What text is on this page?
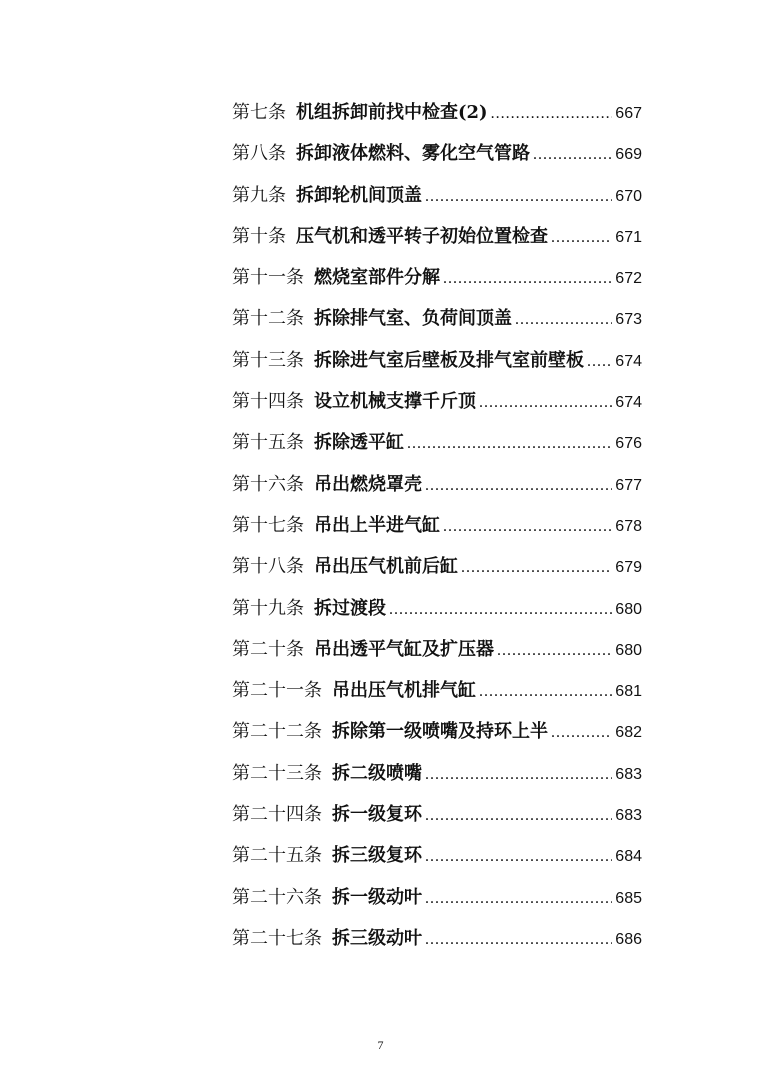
第七条 机组拆卸前找中检查(2) .....	667
第八条 拆卸液体燃料、雾化空气管路 .....	669
第九条 拆卸轮机间顶盖 .....	670
第十条 压气机和透平转子初始位置检查 .....	671
第十一条 燃烧室部件分解 .....	672
第十二条 拆除排气室、负荷间顶盖 .....	673
第十三条 拆除进气室后壁板及排气室前壁板 ..... 674
第十四条 设立机械支撑千斤顶 .....	674
第十五条 拆除透平缸 .....	676
第十六条 吊出燃烧罩壳 .....	677
第十七条 吊出上半进气缸 .....	678
第十八条 吊出压气机前后缸 .....	679
第十九条 拆过渡段 .....	680
第二十条 吊出透平气缸及扩压器 .....	680
第二十一条 吊出压气机排气缸 .....	681
第二十二条 拆除第一级喷嘴及持环上半 .....	682
第二十三条 拆二级喷嘴 .....	683
第二十四条 拆一级复环 .....	683
第二十五条 拆三级复环 .....	684
第二十六条 拆一级动叶 .....	685
第二十七条 拆三级动叶 .....	686
7
